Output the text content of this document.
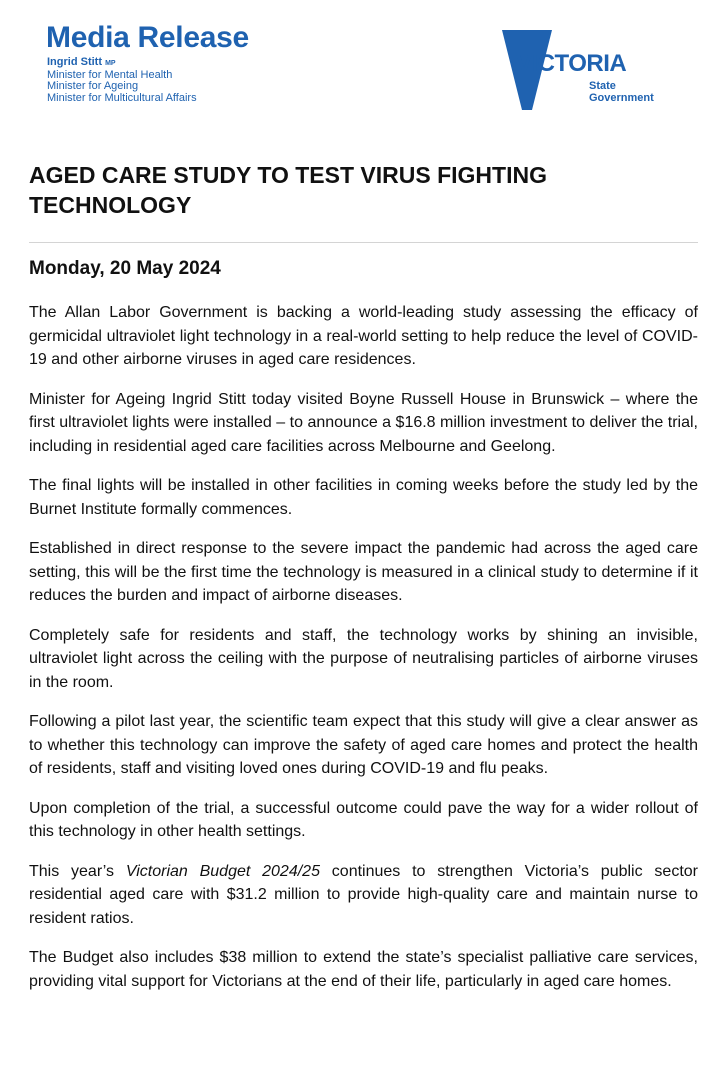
Media Release
Ingrid Stitt MP
Minister for Mental Health
Minister for Ageing
Minister for Multicultural Affairs
VICTORIA
State
Government
AGED CARE STUDY TO TEST VIRUS FIGHTING TECHNOLOGY
Monday, 20 May 2024

The Allan Labor Government is backing a world-leading study assessing the efficacy of germicidal ultraviolet light technology in a real-world setting to help reduce the level of COVID-19 and other airborne viruses in aged care residences.

Minister for Ageing Ingrid Stitt today visited Boyne Russell House in Brunswick – where the first ultraviolet lights were installed – to announce a $16.8 million investment to deliver the trial, including in residential aged care facilities across Melbourne and Geelong.

The final lights will be installed in other facilities in coming weeks before the study led by the Burnet Institute formally commences.

Established in direct response to the severe impact the pandemic had across the aged care setting, this will be the first time the technology is measured in a clinical study to determine if it reduces the burden and impact of airborne diseases.

Completely safe for residents and staff, the technology works by shining an invisible, ultraviolet light across the ceiling with the purpose of neutralising particles of airborne viruses in the room.

Following a pilot last year, the scientific team expect that this study will give a clear answer as to whether this technology can improve the safety of aged care homes and protect the health of residents, staff and visiting loved ones during COVID-19 and flu peaks.

Upon completion of the trial, a successful outcome could pave the way for a wider rollout of this technology in other health settings.

This year’s Victorian Budget 2024/25 continues to strengthen Victoria’s public sector residential aged care with $31.2 million to provide high-quality care and maintain nurse to resident ratios.

The Budget also includes $38 million to extend the state’s specialist palliative care services, providing vital support for Victorians at the end of their life, particularly in aged care homes.
